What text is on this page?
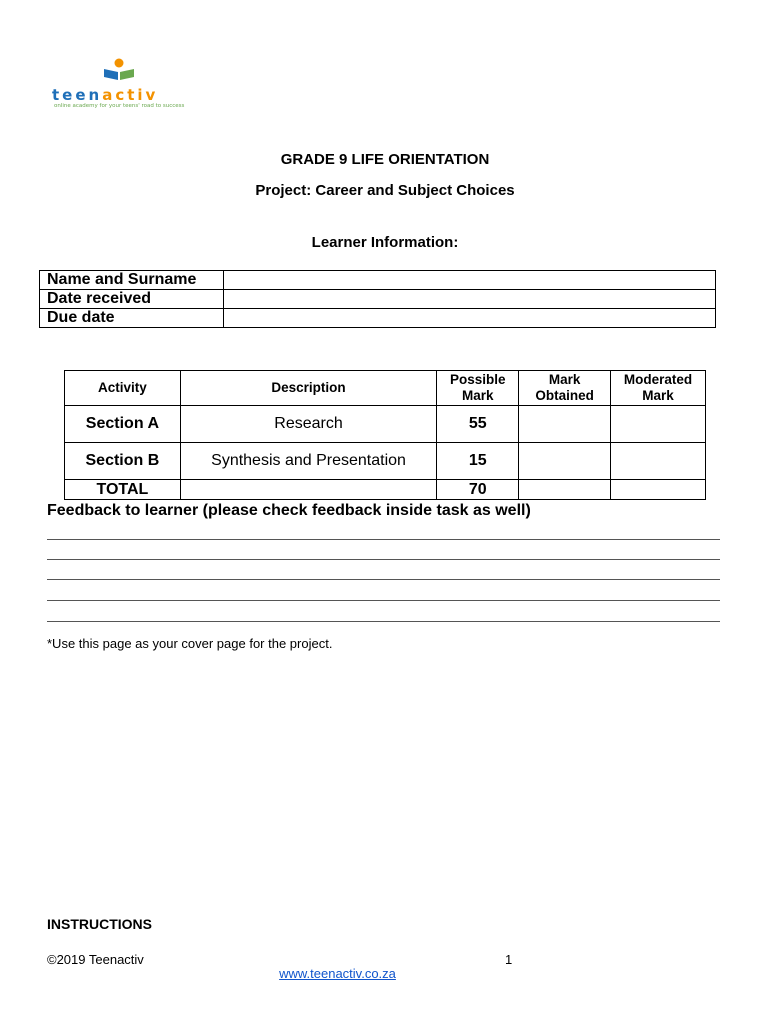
teenactiv
online academy for your teens' road to success
GRADE 9 LIFE ORIENTATION
Project: Career and Subject Choices
Learner Information:
Name and Surname	
Date received	
Due date	
Activity	Description	Possible Mark	Mark Obtained	Moderated Mark
Section A	Research	55		
Section B	Synthesis and Presentation	15		
TOTAL		70		
Feedback to learner (please check feedback inside task as well)
*Use this page as your cover page for the project.
INSTRUCTIONS
©2019 Teenactiv	1
www.teenactiv.co.za
